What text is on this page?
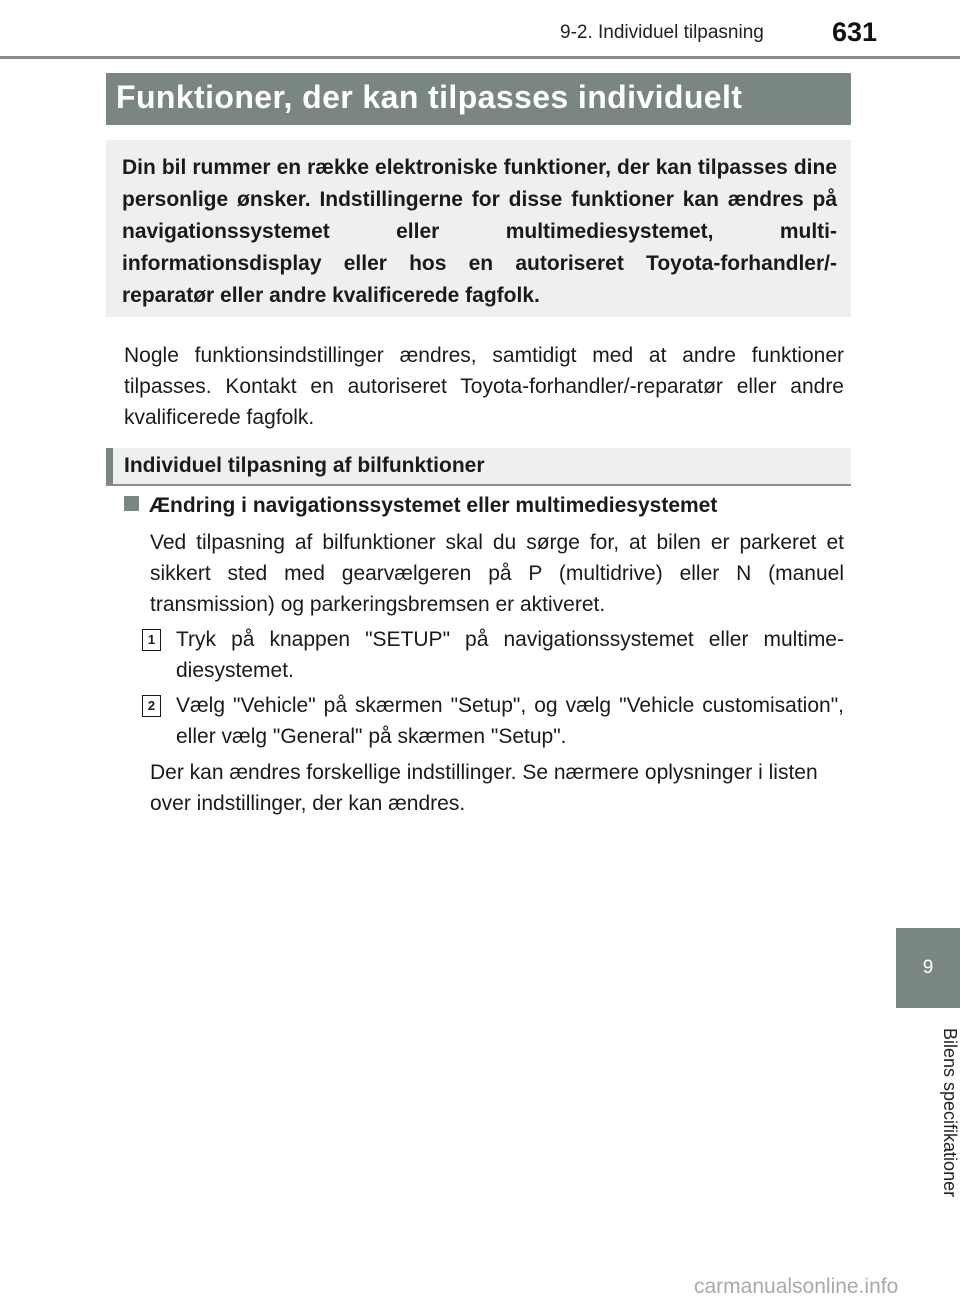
9-2. Individuel tilpasning	631
9
Bilens specifikationer
Funktioner, der kan tilpasses individuelt
Din bil rummer en række elektroniske funktioner, der kan tilpasses dine personlige ønsker. Indstillingerne for disse funktioner kan ændres på navigationssystemet eller multimediesystemet, multi-informationsdisplay eller hos en autoriseret Toyota-forhandler/-reparatør eller andre kvalificerede fagfolk.
Nogle funktionsindstillinger ændres, samtidigt med at andre funktioner tilpasses. Kontakt en autoriseret Toyota-forhandler/-reparatør eller andre kvalificerede fagfolk.
Individuel tilpasning af bilfunktioner
Ændring i navigationssystemet eller multimediesystemet
Ved tilpasning af bilfunktioner skal du sørge for, at bilen er parkeret et sikkert sted med gearvælgeren på P (multidrive) eller N (manuel transmission) og parkeringsbremsen er aktiveret.
1 Tryk på knappen "SETUP" på navigationssystemet eller multimediesystemet.
2 Vælg "Vehicle" på skærmen "Setup", og vælg "Vehicle customisation", eller vælg "General" på skærmen "Setup".
Der kan ændres forskellige indstillinger. Se nærmere oplysninger i listen over indstillinger, der kan ændres.
carmanualsonline.info
